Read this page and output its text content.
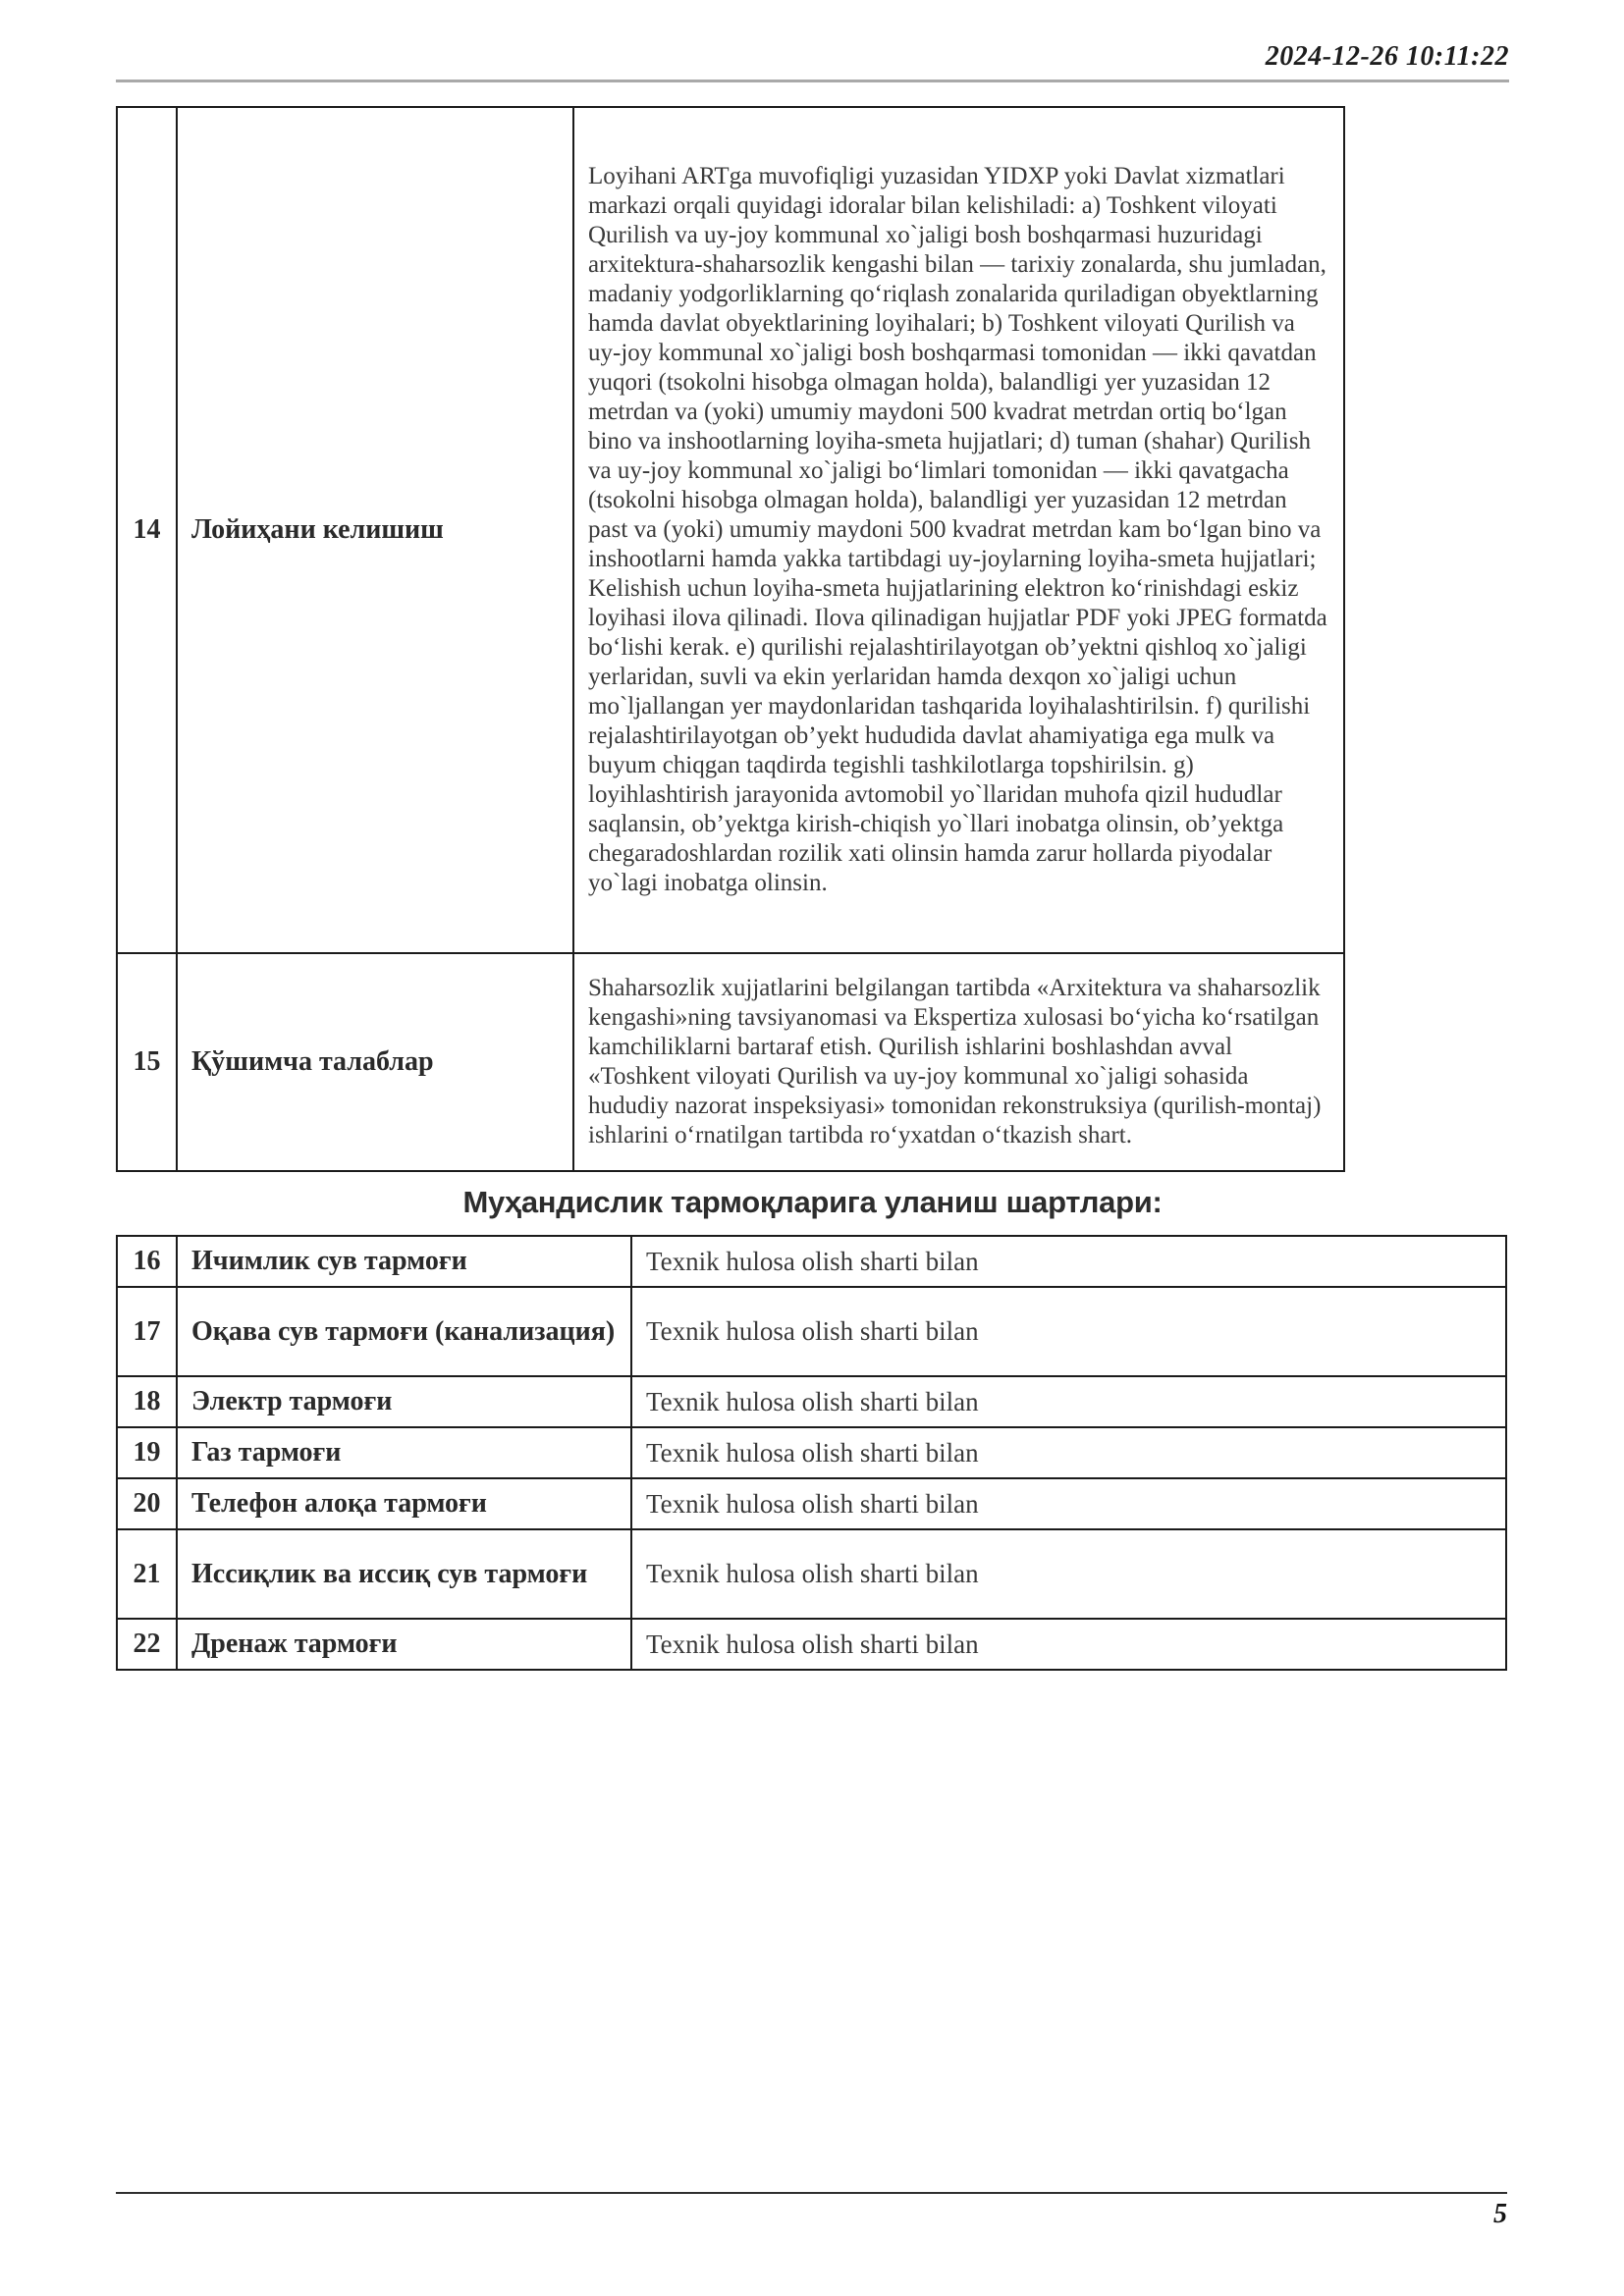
2024-12-26 10:11:22
14	Лойиҳани келишиш	Loyihani ARTga muvofiqligi yuzasidan YIDXP yoki Davlat xizmatlari markazi orqali quyidagi idoralar bilan kelishiladi: a) Toshkent viloyati Qurilish va uy-joy kommunal xo`jaligi bosh boshqarmasi huzuridagi arxitektura-shaharsozlik kengashi bilan — tarixiy zonalarda, shu jumladan, madaniy yodgorliklarning qoʻriqlash zonalarida quriladigan obyektlarning hamda davlat obyektlarining loyihalari; b) Toshkent viloyati Qurilish va uy-joy kommunal xo`jaligi bosh boshqarmasi tomonidan — ikki qavatdan yuqori (tsokolni hisobga olmagan holda), balandligi yer yuzasidan 12 metrdan va (yoki) umumiy maydoni 500 kvadrat metrdan ortiq boʻlgan bino va inshootlarning loyiha-smeta hujjatlari; d) tuman (shahar) Qurilish va uy-joy kommunal xo`jaligi boʻlimlari tomonidan — ikki qavatgacha (tsokolni hisobga olmagan holda), balandligi yer yuzasidan 12 metrdan past va (yoki) umumiy maydoni 500 kvadrat metrdan kam boʻlgan bino va inshootlarni hamda yakka tartibdagi uy-joylarning loyiha-smeta hujjatlari; Kelishish uchun loyiha-smeta hujjatlarining elektron koʻrinishdagi eskiz loyihasi ilova qilinadi. Ilova qilinadigan hujjatlar PDF yoki JPEG formatda boʻlishi kerak. e) qurilishi rejalashtirilayotgan ob’yektni qishloq xo`jaligi yerlaridan, suvli va ekin yerlaridan hamda dexqon xo`jaligi uchun mo`ljallangan yer maydonlaridan tashqarida loyihalashtirilsin. f) qurilishi rejalashtirilayotgan ob’yekt hududida davlat ahamiyatiga ega mulk va buyum chiqgan taqdirda tegishli tashkilotlarga topshirilsin. g) loyihlashtirish jarayonida avtomobil yo`llaridan muhofa qizil hududlar saqlansin, ob’yektga kirish-chiqish yo`llari inobatga olinsin, ob’yektga chegaradoshlardan rozilik xati olinsin hamda zarur hollarda piyodalar yo`lagi inobatga olinsin.
15	Қўшимча талаблар	Shaharsozlik xujjatlarini belgilangan tartibda «Arxitektura va shaharsozlik kengashi»ning tavsiyanomasi va Ekspertiza xulosasi boʻyicha koʻrsatilgan kamchiliklarni bartaraf etish. Qurilish ishlarini boshlashdan avval «Toshkent viloyati Qurilish va uy-joy kommunal xo`jaligi sohasida hududiy nazorat inspeksiyasi» tomonidan rekonstruksiya (qurilish-montaj) ishlarini oʻrnatilgan tartibda roʻyxatdan oʻtkazish shart.
Муҳандислик тармоқларига уланиш шартлари:
16	Ичимлик сув тармоғи	Texnik hulosa olish sharti bilan
17	Оқава сув тармоғи (канализация)	Texnik hulosa olish sharti bilan
18	Электр тармоғи	Texnik hulosa olish sharti bilan
19	Газ тармоғи	Texnik hulosa olish sharti bilan
20	Телефон алоқа тармоғи	Texnik hulosa olish sharti bilan
21	Иссиқлик ва иссиқ сув тармоғи	Texnik hulosa olish sharti bilan
22	Дренаж тармоғи	Texnik hulosa olish sharti bilan
5
